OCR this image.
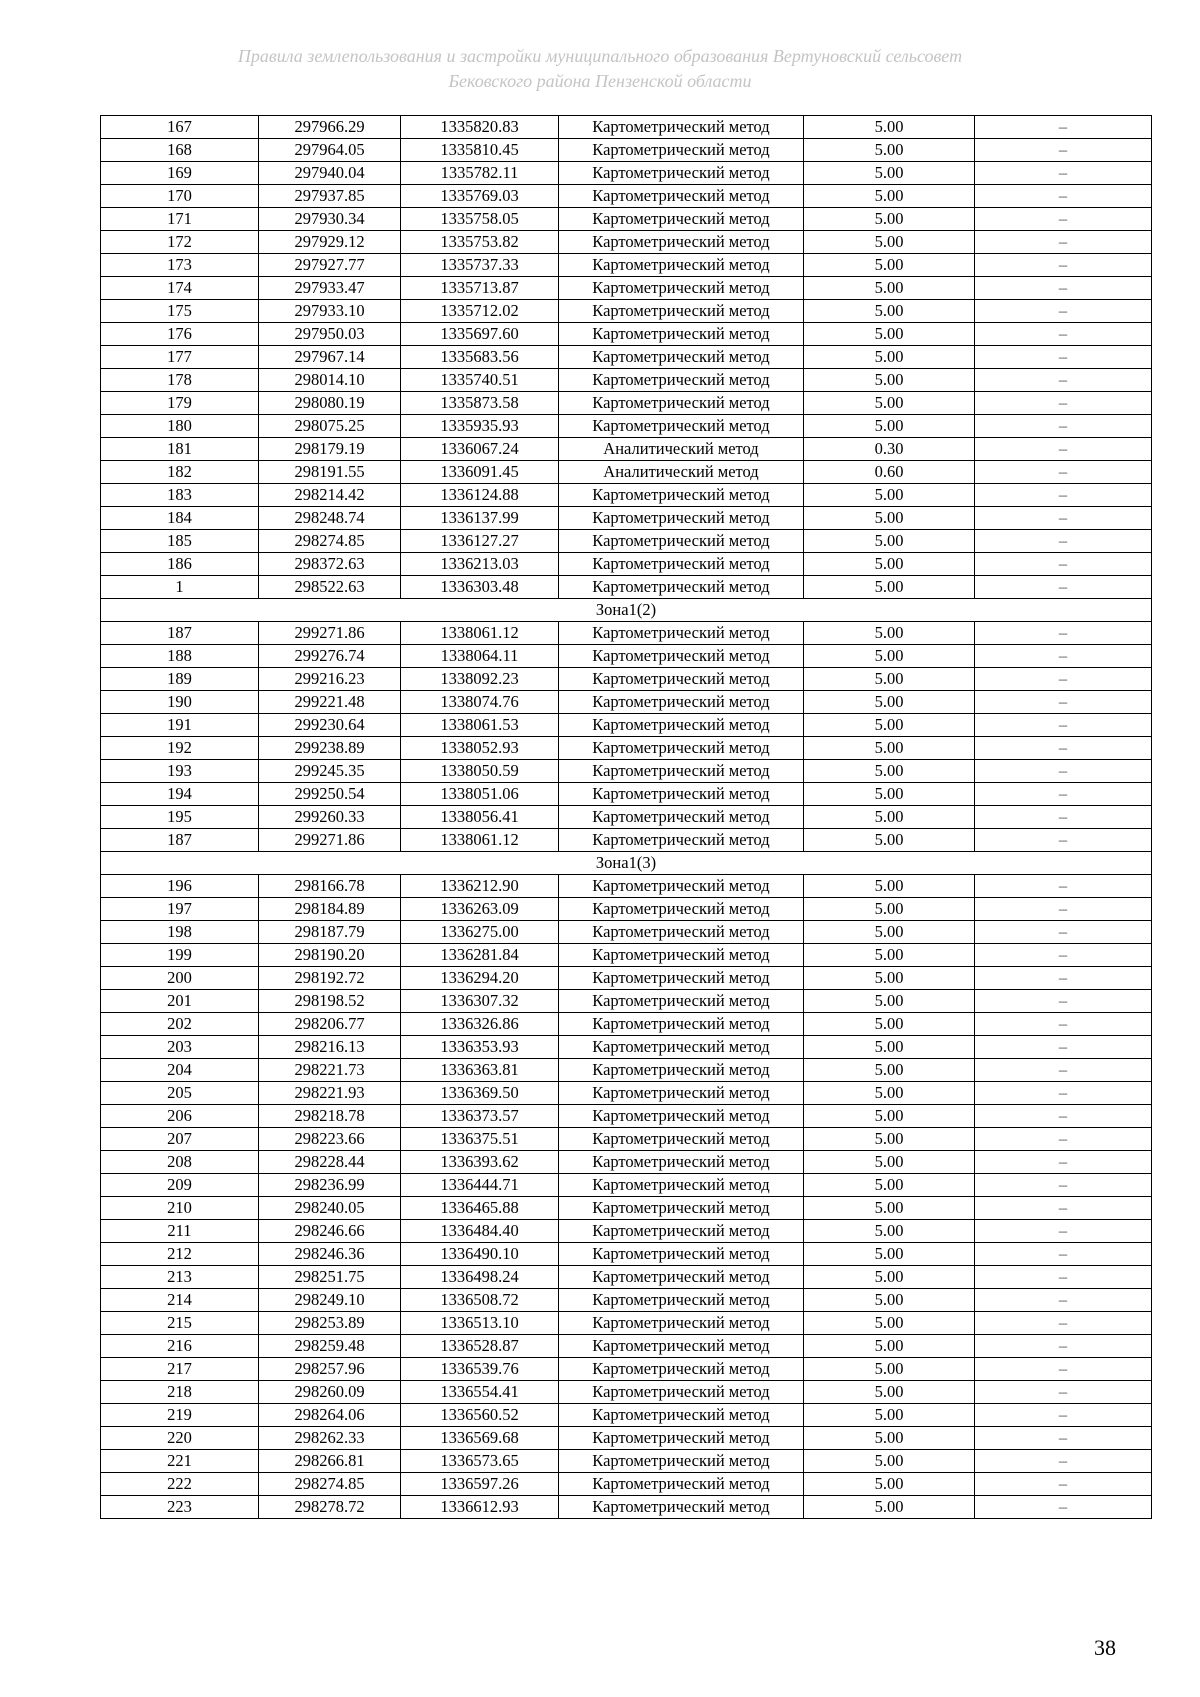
Правила землепользования и застройки муниципального образования Вертуновский сельсовет
Бековского района Пензенской области
167	297966.29	1335820.83	Картометрический метод	5.00	–
168	297964.05	1335810.45	Картометрический метод	5.00	–
169	297940.04	1335782.11	Картометрический метод	5.00	–
170	297937.85	1335769.03	Картометрический метод	5.00	–
171	297930.34	1335758.05	Картометрический метод	5.00	–
172	297929.12	1335753.82	Картометрический метод	5.00	–
173	297927.77	1335737.33	Картометрический метод	5.00	–
174	297933.47	1335713.87	Картометрический метод	5.00	–
175	297933.10	1335712.02	Картометрический метод	5.00	–
176	297950.03	1335697.60	Картометрический метод	5.00	–
177	297967.14	1335683.56	Картометрический метод	5.00	–
178	298014.10	1335740.51	Картометрический метод	5.00	–
179	298080.19	1335873.58	Картометрический метод	5.00	–
180	298075.25	1335935.93	Картометрический метод	5.00	–
181	298179.19	1336067.24	Аналитический метод	0.30	–
182	298191.55	1336091.45	Аналитический метод	0.60	–
183	298214.42	1336124.88	Картометрический метод	5.00	–
184	298248.74	1336137.99	Картометрический метод	5.00	–
185	298274.85	1336127.27	Картометрический метод	5.00	–
186	298372.63	1336213.03	Картометрический метод	5.00	–
1	298522.63	1336303.48	Картометрический метод	5.00	–
Зона1(2)					
187	299271.86	1338061.12	Картометрический метод	5.00	–
188	299276.74	1338064.11	Картометрический метод	5.00	–
189	299216.23	1338092.23	Картометрический метод	5.00	–
190	299221.48	1338074.76	Картометрический метод	5.00	–
191	299230.64	1338061.53	Картометрический метод	5.00	–
192	299238.89	1338052.93	Картометрический метод	5.00	–
193	299245.35	1338050.59	Картометрический метод	5.00	–
194	299250.54	1338051.06	Картометрический метод	5.00	–
195	299260.33	1338056.41	Картометрический метод	5.00	–
187	299271.86	1338061.12	Картометрический метод	5.00	–
Зона1(3)					
196	298166.78	1336212.90	Картометрический метод	5.00	–
197	298184.89	1336263.09	Картометрический метод	5.00	–
198	298187.79	1336275.00	Картометрический метод	5.00	–
199	298190.20	1336281.84	Картометрический метод	5.00	–
200	298192.72	1336294.20	Картометрический метод	5.00	–
201	298198.52	1336307.32	Картометрический метод	5.00	–
202	298206.77	1336326.86	Картометрический метод	5.00	–
203	298216.13	1336353.93	Картометрический метод	5.00	–
204	298221.73	1336363.81	Картометрический метод	5.00	–
205	298221.93	1336369.50	Картометрический метод	5.00	–
206	298218.78	1336373.57	Картометрический метод	5.00	–
207	298223.66	1336375.51	Картометрический метод	5.00	–
208	298228.44	1336393.62	Картометрический метод	5.00	–
209	298236.99	1336444.71	Картометрический метод	5.00	–
210	298240.05	1336465.88	Картометрический метод	5.00	–
211	298246.66	1336484.40	Картометрический метод	5.00	–
212	298246.36	1336490.10	Картометрический метод	5.00	–
213	298251.75	1336498.24	Картометрический метод	5.00	–
214	298249.10	1336508.72	Картометрический метод	5.00	–
215	298253.89	1336513.10	Картометрический метод	5.00	–
216	298259.48	1336528.87	Картометрический метод	5.00	–
217	298257.96	1336539.76	Картометрический метод	5.00	–
218	298260.09	1336554.41	Картометрический метод	5.00	–
219	298264.06	1336560.52	Картометрический метод	5.00	–
220	298262.33	1336569.68	Картометрический метод	5.00	–
221	298266.81	1336573.65	Картометрический метод	5.00	–
222	298274.85	1336597.26	Картометрический метод	5.00	–
223	298278.72	1336612.93	Картометрический метод	5.00	–
38
